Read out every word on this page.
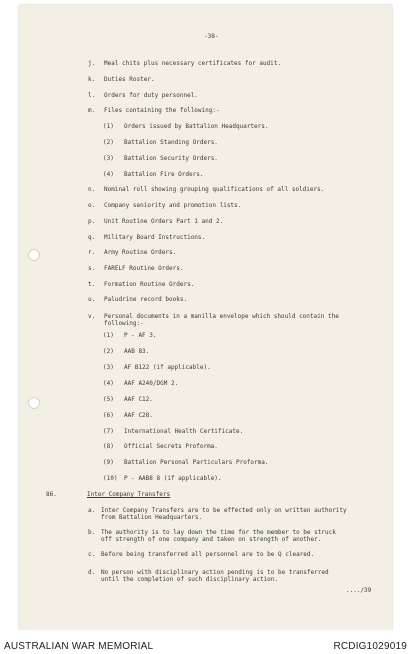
-38-
j. Meal chits plus necessary certificates for audit.
k. Duties Roster.
l. Orders for duty personnel.
m. Files containing the following:-
(1) Orders issued by Battalion Headquarters.
(2) Battalion Standing Orders.
(3) Battalion Security Orders.
(4) Battalion Fire Orders.
n. Nominal roll showing grouping qualifications of all soldiers.
o. Company seniority and promotion lists.
p. Unit Routine Orders Part 1 and 2.
q. Military Board Instructions.
r. Army Routine Orders.
s. FARELF Routine Orders.
t. Formation Routine Orders.
u. Paludrine record books.
v. Personal documents in a manilla envelope which should contain the
following:-
(1) P - AF 3.
(2) AAB 83.
(3) AF B122 (if applicable).
(4) AAF A240/DGM 2.
(5) AAF C12.
(6) AAF C28.
(7) International Health Certificate.
(8) Official Secrets Proforma.
(9) Battalion Personal Particulars Proforma.
(10) P - AAB8 8 (if applicable).
86.	Inter Company Transfers
a. Inter Company Transfers are to be effected only on written authority
from Battalion Headquarters.
b. The authority is to lay down the time for the member to be struck
off strength of one company and taken on strength of another.
c. Before being transferred all personnel are to be Q cleared.
d. No person with disciplinary action pending is to be transferred
until the completion of such disciplinary action.
..../39
AUSTRALIAN WAR MEMORIAL	RCDIG1029019
